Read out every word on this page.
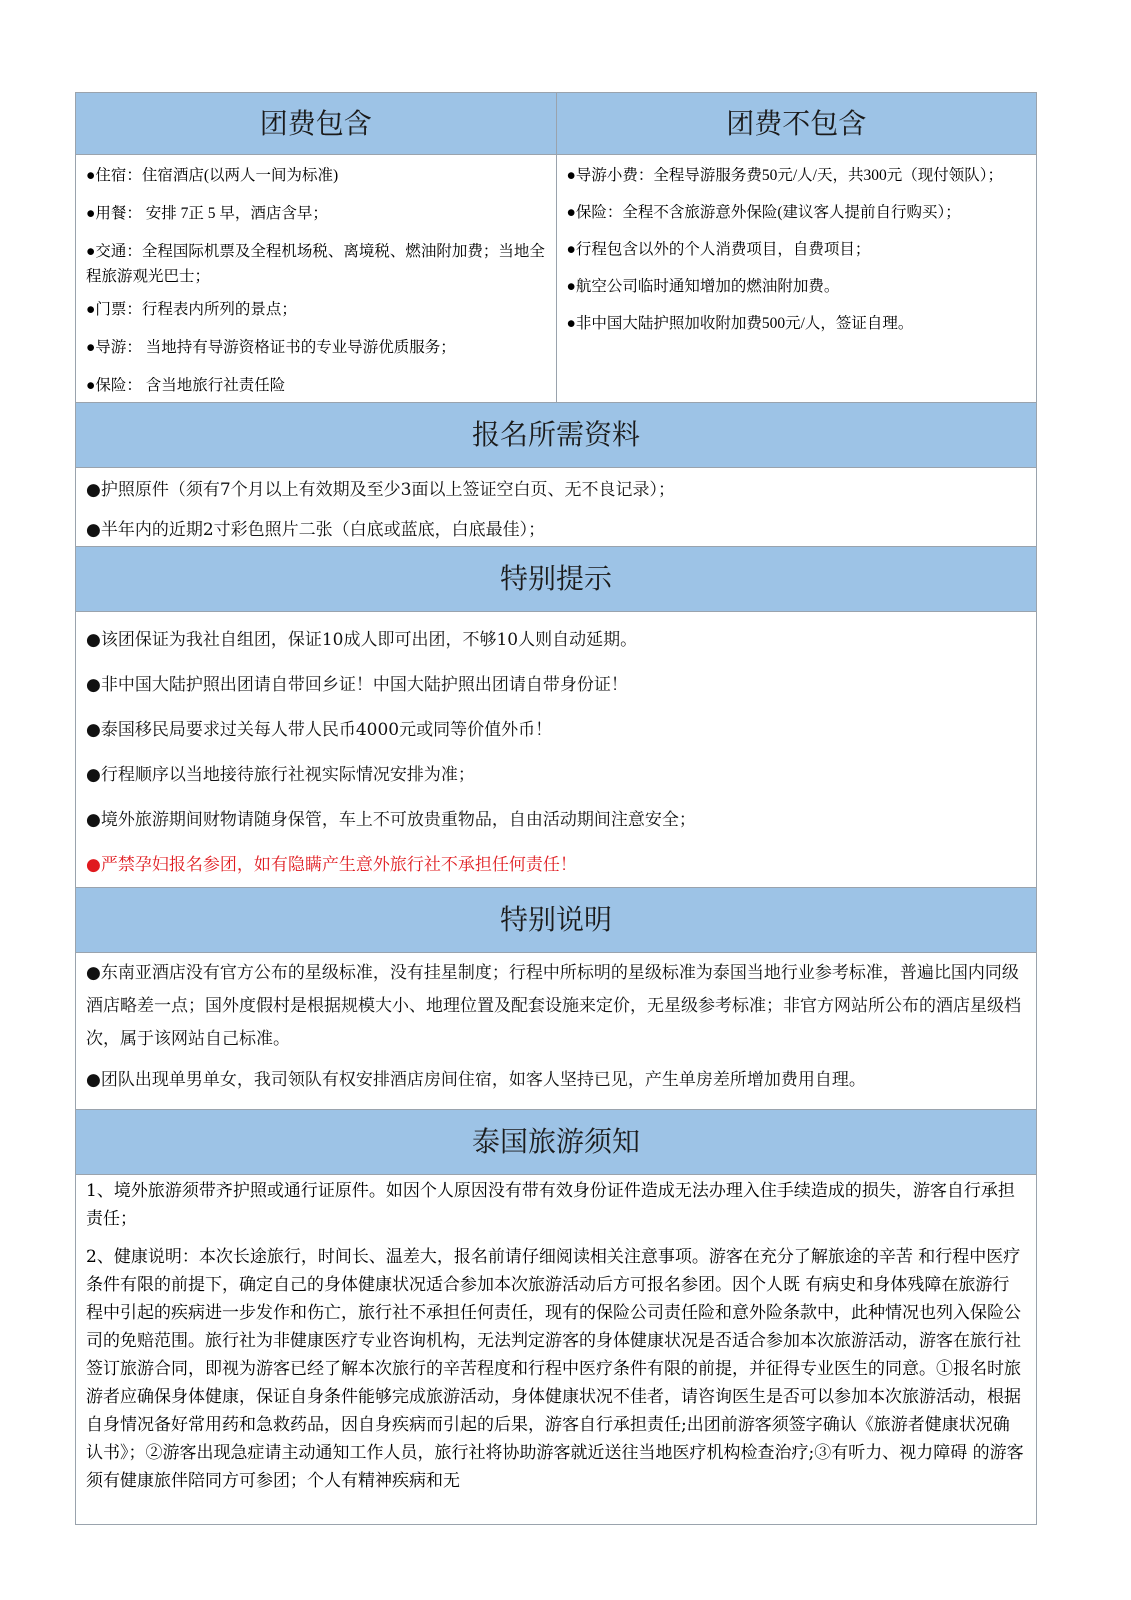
团费包含	团费不包含

●住宿：住宿酒店(以两人一间为标准)

●用餐： 安排 7正 5 早，酒店含早；

●交通：全程国际机票及全程机场税、离境税、燃油附加费；当地全程旅游观光巴士；

●门票：行程表内所列的景点；

●导游： 当地持有导游资格证书的专业导游优质服务；

●保险： 含当地旅行社责任险

●导游小费：全程导游服务费50元/人/天，共300元（现付领队）；

●保险：全程不含旅游意外保险(建议客人提前自行购买）；

●行程包含以外的个人消费项目，自费项目；

●航空公司临时通知增加的燃油附加费。

●非中国大陆护照加收附加费500元/人，签证自理。

报名所需资料

●护照原件（须有7个月以上有效期及至少3面以上签证空白页、无不良记录）；

●半年内的近期2寸彩色照片二张（白底或蓝底，白底最佳）；

特别提示

●该团保证为我社自组团，保证10成人即可出团，不够10人则自动延期。

●非中国大陆护照出团请自带回乡证！中国大陆护照出团请自带身份证！

●泰国移民局要求过关每人带人民币4000元或同等价值外币！

●行程顺序以当地接待旅行社视实际情况安排为准；

●境外旅游期间财物请随身保管，车上不可放贵重物品，自由活动期间注意安全；

●严禁孕妇报名参团，如有隐瞒产生意外旅行社不承担任何责任！

特别说明

●东南亚酒店没有官方公布的星级标准，没有挂星制度；行程中所标明的星级标准为泰国当地行业参考标准，普遍比国内同级酒店略差一点；国外度假村是根据规模大小、地理位置及配套设施来定价，无星级参考标准；非官方网站所公布的酒店星级档次，属于该网站自己标准。

●团队出现单男单女，我司领队有权安排酒店房间住宿，如客人坚持已见，产生单房差所增加费用自理。

泰国旅游须知

1、境外旅游须带齐护照或通行证原件。如因个人原因没有带有效身份证件造成无法办理入住手续造成的损失，游客自行承担责任；

2、健康说明：本次长途旅行，时间长、温差大，报名前请仔细阅读相关注意事项。游客在充分了解旅途的辛苦 和行程中医疗条件有限的前提下，确定自己的身体健康状况适合参加本次旅游活动后方可报名参团。因个人既 有病史和身体残障在旅游行程中引起的疾病进一步发作和伤亡，旅行社不承担任何责任，现有的保险公司责任险和意外险条款中，此种情况也列入保险公司的免赔范围。旅行社为非健康医疗专业咨询机构，无法判定游客的身体健康状况是否适合参加本次旅游活动，游客在旅行社签订旅游合同，即视为游客已经了解本次旅行的辛苦程度和行程中医疗条件有限的前提，并征得专业医生的同意。①报名时旅游者应确保身体健康，保证自身条件能够完成旅游活动，身体健康状况不佳者，请咨询医生是否可以参加本次旅游活动，根据自身情况备好常用药和急救药品，因自身疾病而引起的后果，游客自行承担责任;出团前游客须签字确认《旅游者健康状况确认书》；②游客出现急症请主动通知工作人员，旅行社将协助游客就近送往当地医疗机构检查治疗;③有听力、视力障碍 的游客须有健康旅伴陪同方可参团；个人有精神疾病和无
